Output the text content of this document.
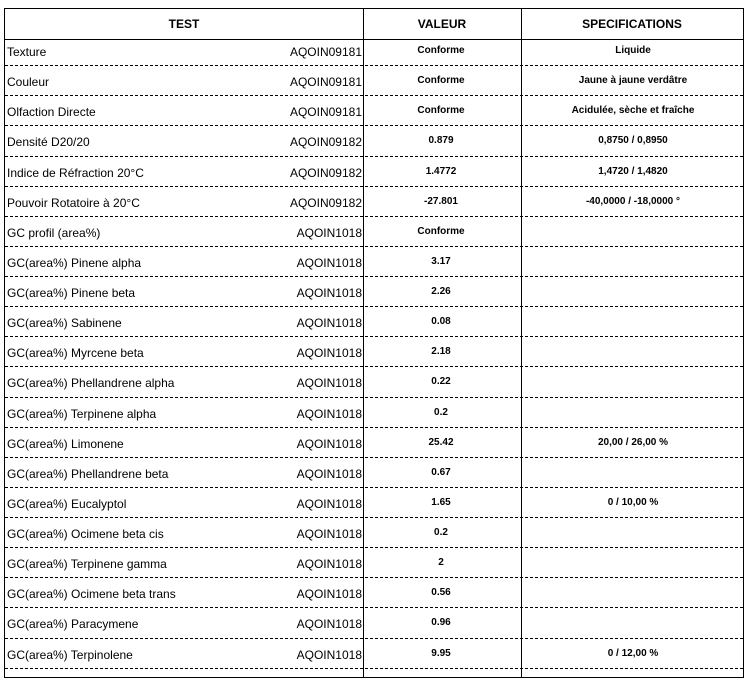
TEST	VALEUR	SPECIFICATIONS
Texture	AQOIN09181	Conforme	Liquide
Couleur	AQOIN09181	Conforme	Jaune à jaune verdâtre
Olfaction Directe	AQOIN09181	Conforme	Acidulée, sèche et fraîche
Densité D20/20	AQOIN09182	0.879	0,8750 / 0,8950
Indice de Réfraction 20°C	AQOIN09182	1.4772	1,4720 / 1,4820
Pouvoir Rotatoire à 20°C	AQOIN09182	-27.801	-40,0000 / -18,0000 °
GC profil (area%)	AQOIN1018	Conforme
GC(area%) Pinene alpha	AQOIN1018	3.17
GC(area%) Pinene beta	AQOIN1018	2.26
GC(area%) Sabinene	AQOIN1018	0.08
GC(area%) Myrcene beta	AQOIN1018	2.18
GC(area%) Phellandrene alpha	AQOIN1018	0.22
GC(area%) Terpinene alpha	AQOIN1018	0.2
GC(area%) Limonene	AQOIN1018	25.42	20,00 / 26,00 %
GC(area%) Phellandrene beta	AQOIN1018	0.67
GC(area%) Eucalyptol	AQOIN1018	1.65	0 / 10,00 %
GC(area%) Ocimene beta cis	AQOIN1018	0.2
GC(area%) Terpinene gamma	AQOIN1018	2
GC(area%) Ocimene beta trans	AQOIN1018	0.56
GC(area%) Paracymene	AQOIN1018	0.96
GC(area%) Terpinolene	AQOIN1018	9.95	0 / 12,00 %
